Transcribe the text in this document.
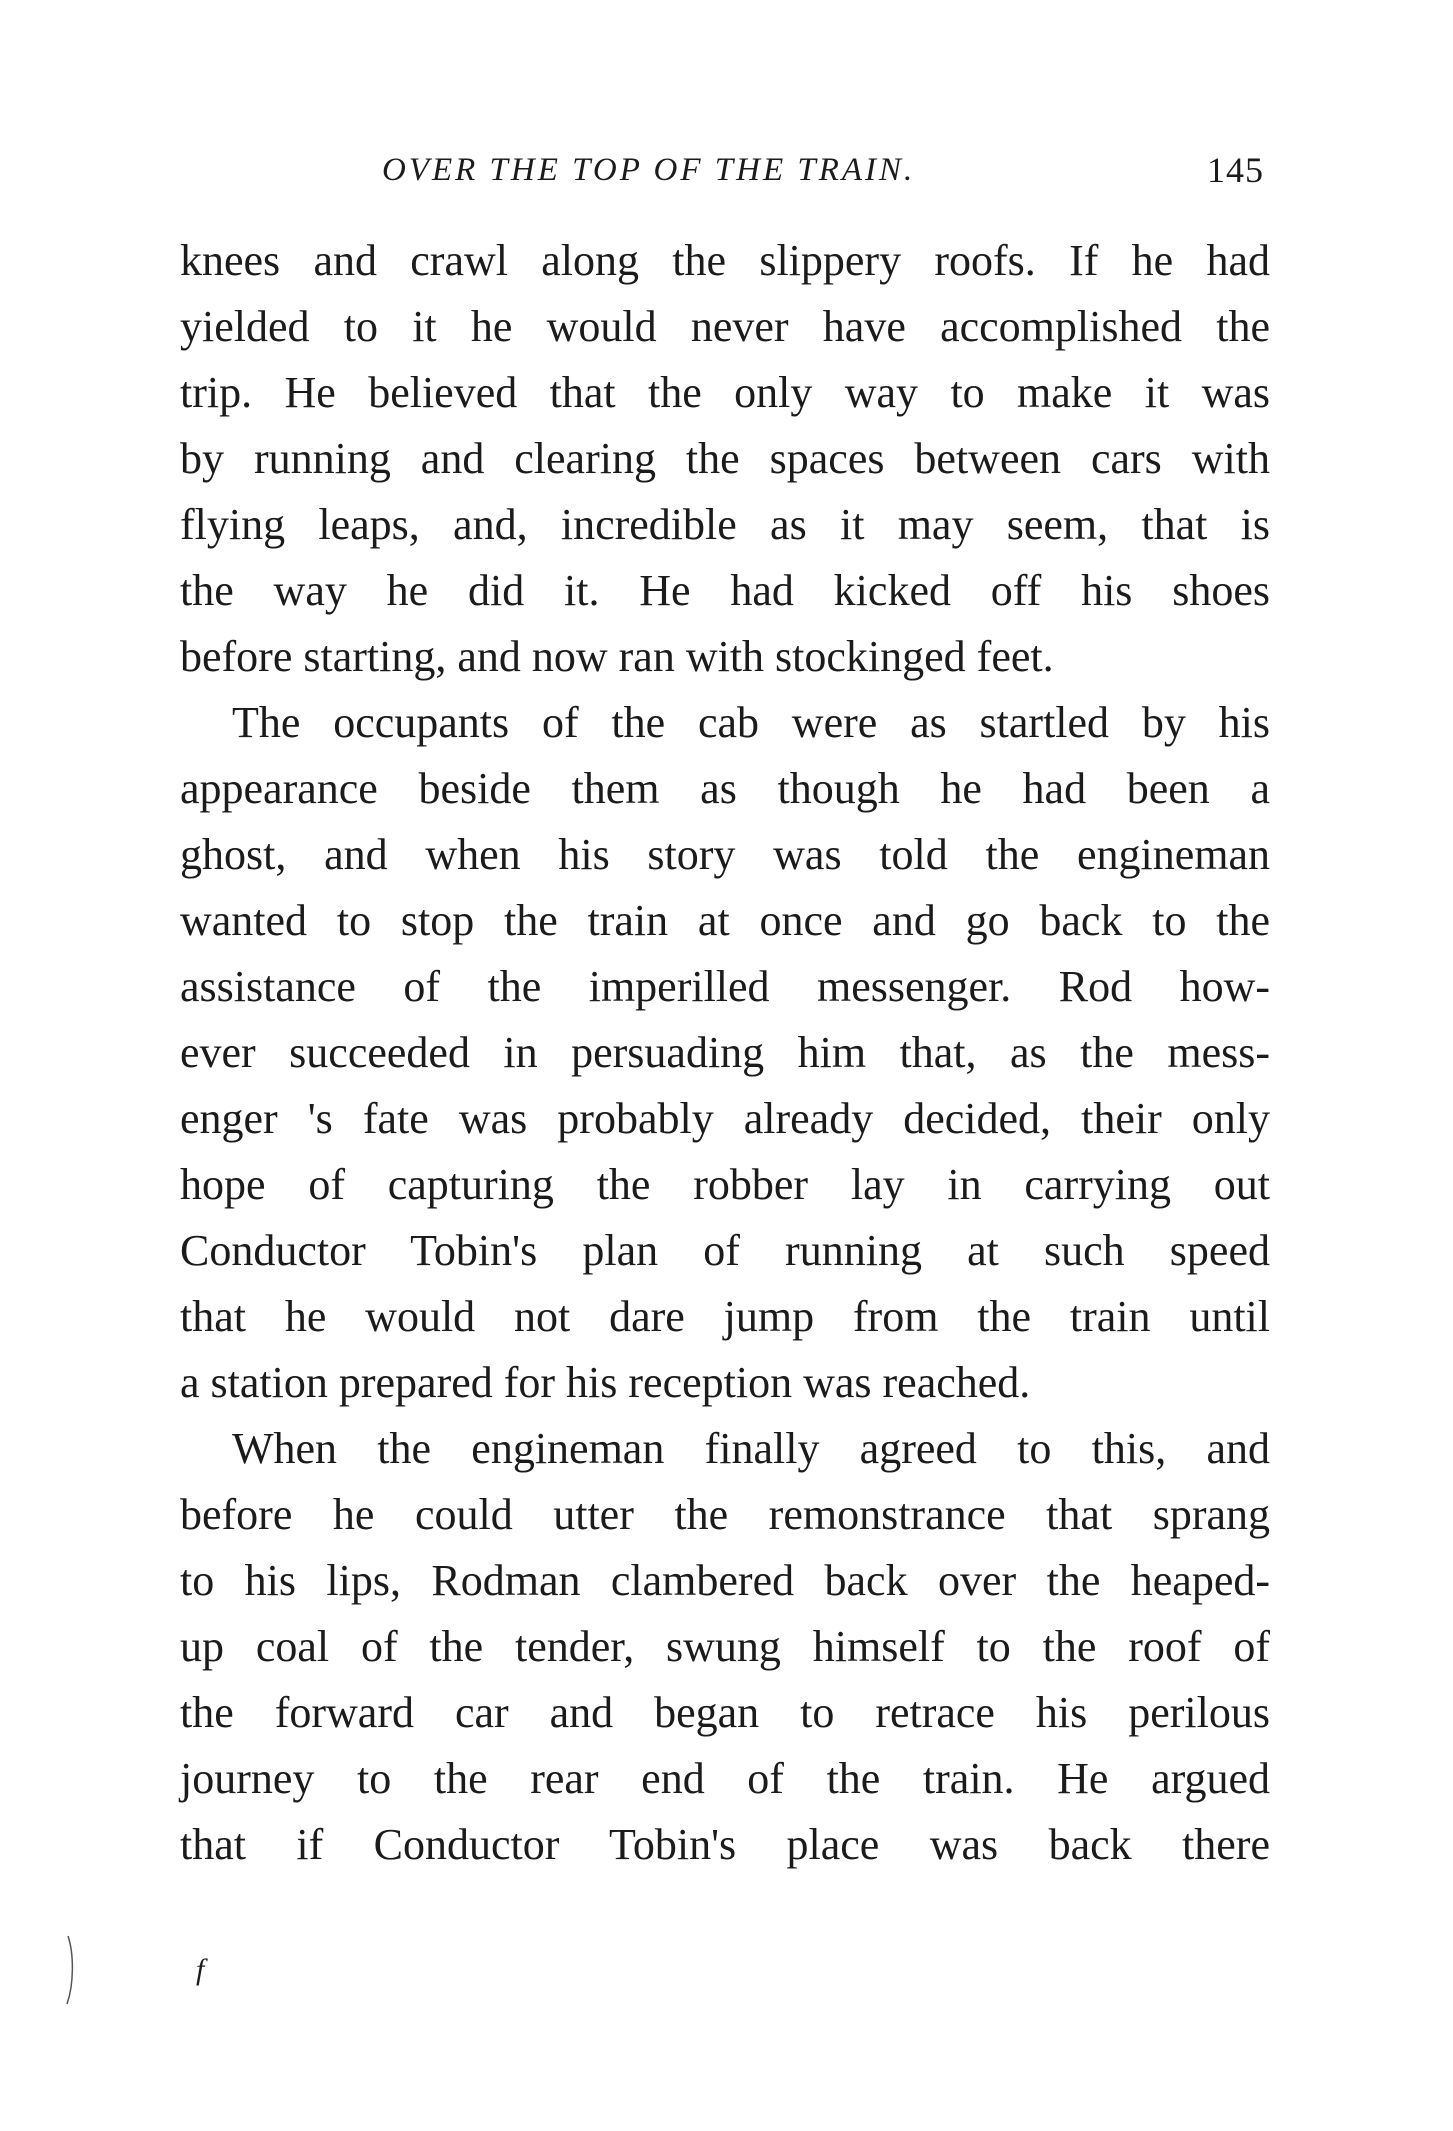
OVER THE TOP OF THE TRAIN.	145
knees and crawl along the slippery roofs. If he had
yielded to it he would never have accomplished the
trip. He believed that the only way to make it was
by running and clearing the spaces between cars with
flying leaps, and, incredible as it may seem, that is
the way he did it. He had kicked off his shoes
before starting, and now ran with stockinged feet.
The occupants of the cab were as startled by his
appearance beside them as though he had been a
ghost, and when his story was told the engineman
wanted to stop the train at once and go back to the
assistance of the imperilled messenger. Rod how-
ever succeeded in persuading him that, as the mess-
enger 's fate was probably already decided, their only
hope of capturing the robber lay in carrying out
Conductor Tobin's plan of running at such speed
that he would not dare jump from the train until
a station prepared for his reception was reached.
When the engineman finally agreed to this, and
before he could utter the remonstrance that sprang
to his lips, Rodman clambered back over the heaped-
up coal of the tender, swung himself to the roof of
the forward car and began to retrace his perilous
journey to the rear end of the train. He argued
that if Conductor Tobin's place was back there
f
